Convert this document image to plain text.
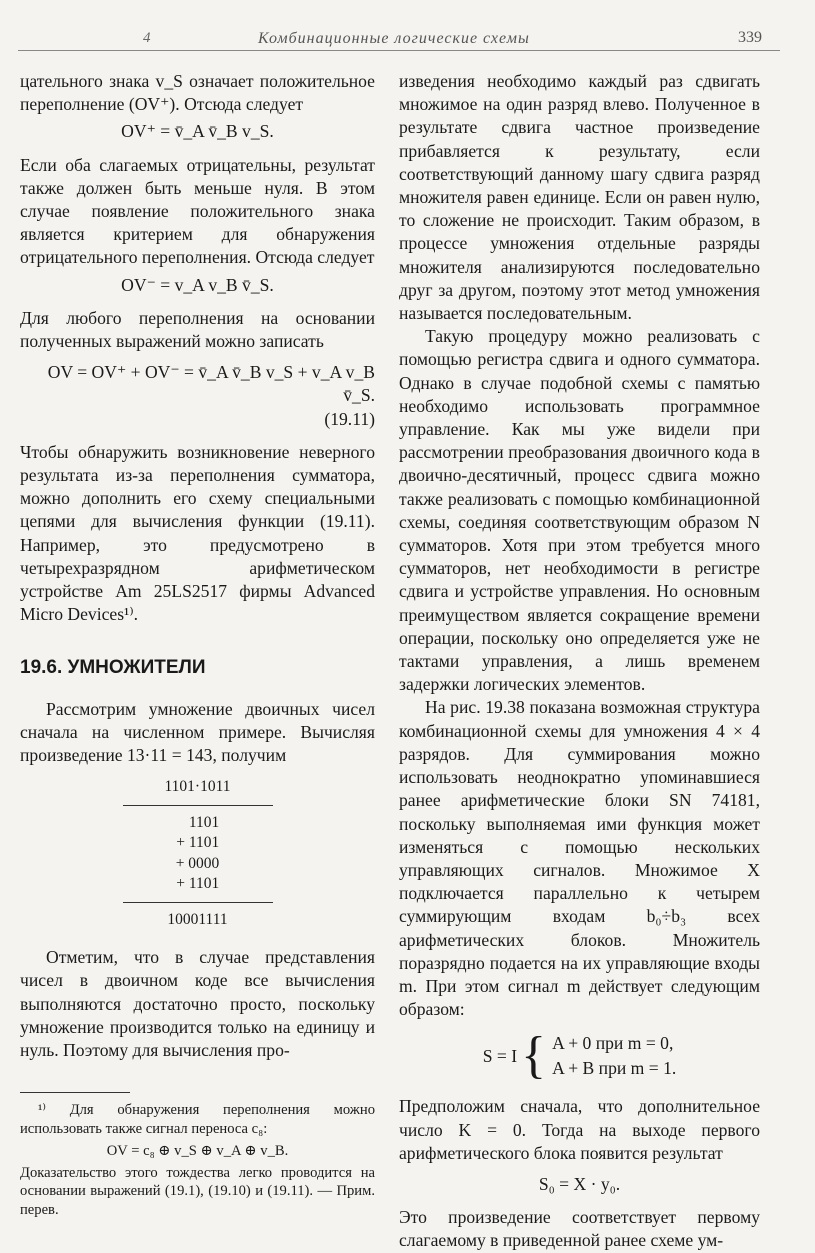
4	Комбинационные логические схемы	339

цательного знака v_S означает положительное переполнение (OV⁺). Отсюда следует

OV⁺ = v̄_A v̄_B v_S.

Если оба слагаемых отрицательны, результат также должен быть меньше нуля. В этом случае появление положительного знака является критерием для обнаружения отрицательного переполнения. Отсюда следует

OV⁻ = v_A v_B v̄_S.

Для любого переполнения на основании полученных выражений можно записать

OV = OV⁺ + OV⁻ = v̄_A v̄_B v_S + v_A v_B v̄_S.

(19.11)

Чтобы обнаружить возникновение неверного результата из-за переполнения сумматора, можно дополнить его схему специальными цепями для вычисления функции (19.11). Например, это предусмотрено в четырехразрядном арифметическом устройстве Am 25LS2517 фирмы Advanced Micro Devices¹⁾.

19.6. УМНОЖИТЕЛИ

Рассмотрим умножение двоичных чисел сначала на численном примере. Вычисляя произведение 13·11 = 143, получим

1101·1011
1101
+ 1101
+ 0000
+ 1101
10001111

Отметим, что в случае представления чисел в двоичном коде все вычисления выполняются достаточно просто, поскольку умножение производится только на единицу и нуль. Поэтому для вычисления про-

¹⁾ Для обнаружения переполнения можно использовать также сигнал переноса c₈:

OV = c₈ ⊕ v_S ⊕ v_A ⊕ v_B.

Доказательство этого тождества легко проводится на основании выражений (19.1), (19.10) и (19.11). — Прим. перев.

изведения необходимо каждый раз сдвигать множимое на один разряд влево. Полученное в результате сдвига частное произведение прибавляется к результату, если соответствующий данному шагу сдвига разряд множителя равен единице. Если он равен нулю, то сложение не происходит. Таким образом, в процессе умножения отдельные разряды множителя анализируются последовательно друг за другом, поэтому этот метод умножения называется последовательным.

Такую процедуру можно реализовать с помощью регистра сдвига и одного сумматора. Однако в случае подобной схемы с памятью необходимо использовать программное управление. Как мы уже видели при рассмотрении преобразования двоичного кода в двоично-десятичный, процесс сдвига можно также реализовать с помощью комбинационной схемы, соединяя соответствующим образом N сумматоров. Хотя при этом требуется много сумматоров, нет необходимости в регистре сдвига и устройстве управления. Но основным преимуществом является сокращение времени операции, поскольку оно определяется уже не тактами управления, а лишь временем задержки логических элементов.

На рис. 19.38 показана возможная структура комбинационной схемы для умножения 4 × 4 разрядов. Для суммирования можно использовать неоднократно упоминавшиеся ранее арифметические блоки SN 74181, поскольку выполняемая ими функция может изменяться с помощью нескольких управляющих сигналов. Множимое X подключается параллельно к четырем суммирующим входам b₀÷b₃ всех арифметических блоков. Множитель поразрядно подается на их управляющие входы m. При этом сигнал m действует следующим образом:

S = I { A + 0 при m = 0,
A + B при m = 1.

Предположим сначала, что дополнительное число K = 0. Тогда на выходе первого арифметического блока появится результат

S₀ = X · y₀.

Это произведение соответствует первому слагаемому в приведенной ранее схеме ум-
